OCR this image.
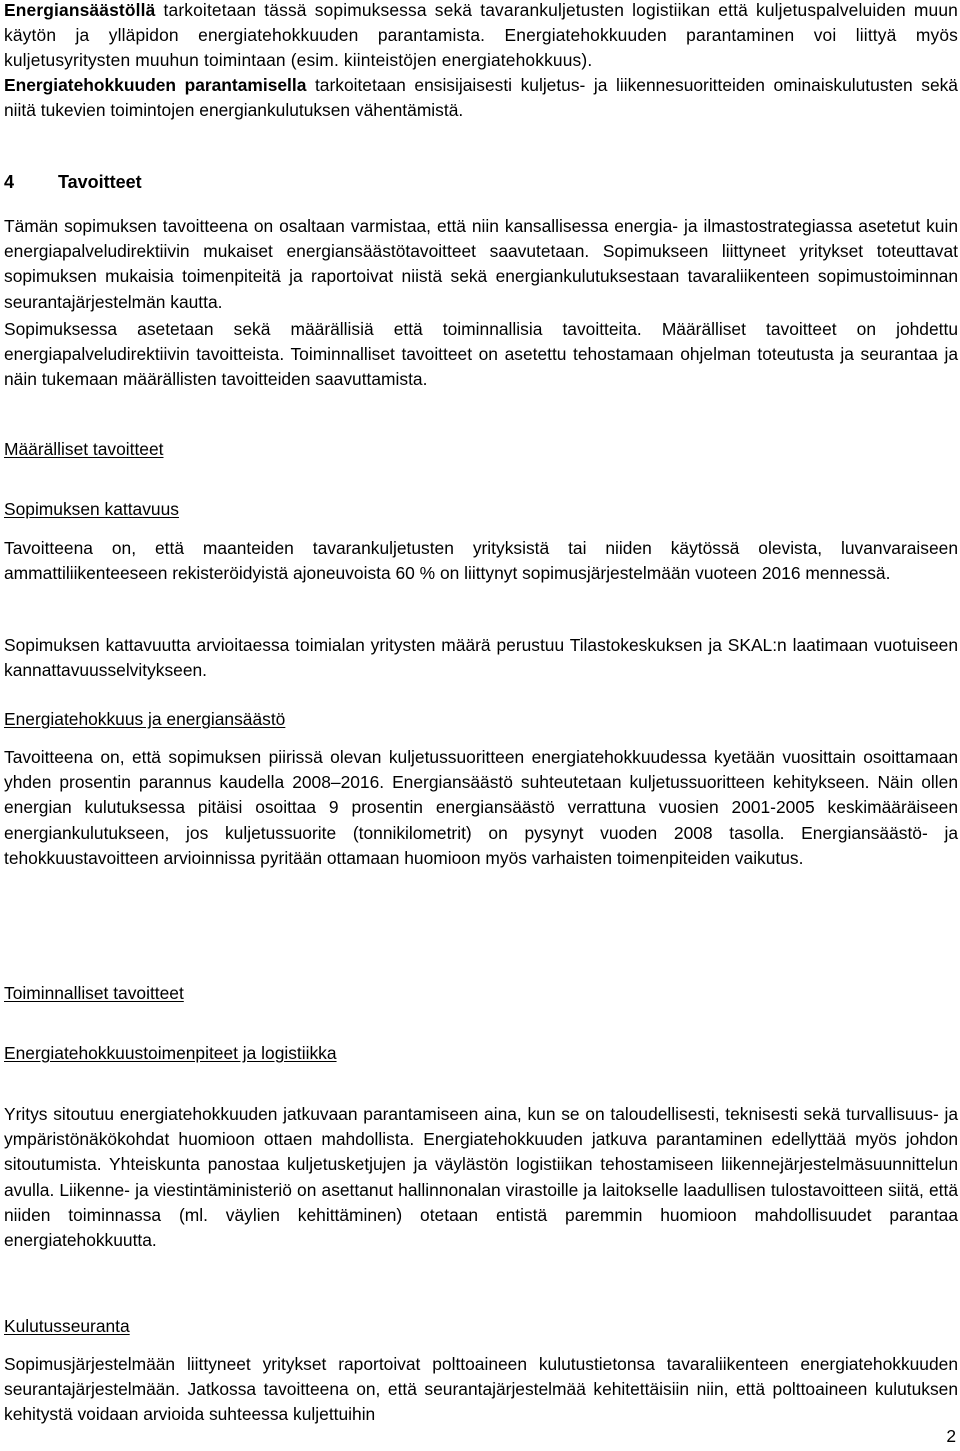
Energiansäästöllä tarkoitetaan tässä sopimuksessa sekä tavarankuljetusten logistiikan että kuljetuspalveluiden muun käytön ja ylläpidon energiatehokkuuden parantamista. Energiatehokkuuden parantaminen voi liittyä myös kuljetusyritysten muuhun toimintaan (esim. kiinteistöjen energiatehokkuus).

Energiatehokkuuden parantamisella tarkoitetaan ensisijaisesti kuljetus- ja liikennesuoritteiden ominaiskulutusten sekä niitä tukevien toimintojen energiankulutuksen vähentämistä.

4 Tavoitteet

Tämän sopimuksen tavoitteena on osaltaan varmistaa, että niin kansallisessa energia- ja ilmastostrategiassa asetetut kuin energiapalveludirektiivin mukaiset energiansäästötavoitteet saavutetaan. Sopimukseen liittyneet yritykset toteuttavat sopimuksen mukaisia toimenpiteitä ja raportoivat niistä sekä energiankulutuksestaan tavaraliikenteen sopimustoiminnan seurantajärjestelmän kautta.

Sopimuksessa asetetaan sekä määrällisiä että toiminnallisia tavoitteita. Määrälliset tavoitteet on johdettu energiapalveludirektiivin tavoitteista. Toiminnalliset tavoitteet on asetettu tehostamaan ohjelman toteutusta ja seurantaa ja näin tukemaan määrällisten tavoitteiden saavuttamista.

Määrälliset tavoitteet

Sopimuksen kattavuus

Tavoitteena on, että maanteiden tavarankuljetusten yrityksistä tai niiden käytössä olevista, luvanvaraiseen ammattiliikenteeseen rekisteröidyistä ajoneuvoista 60 % on liittynyt sopimusjärjestelmään vuoteen 2016 mennessä.

Sopimuksen kattavuutta arvioitaessa toimialan yritysten määrä perustuu Tilastokeskuksen ja SKAL:n laatimaan vuotuiseen kannattavuusselvitykseen.

Energiatehokkuus ja energiansäästö

Tavoitteena on, että sopimuksen piirissä olevan kuljetussuoritteen energiatehokkuudessa kyetään vuosittain osoittamaan yhden prosentin parannus kaudella 2008–2016. Energiansäästö suhteutetaan kuljetussuoritteen kehitykseen. Näin ollen energian kulutuksessa pitäisi osoittaa 9 prosentin energiansäästö verrattuna vuosien 2001-2005 keskimääräiseen energiankulutukseen, jos kuljetussuorite (tonnikilometrit) on pysynyt vuoden 2008 tasolla. Energiansäästö- ja tehokkuustavoitteen arvioinnissa pyritään ottamaan huomioon myös varhaisten toimenpiteiden vaikutus.

Toiminnalliset tavoitteet

Energiatehokkuustoimenpiteet ja logistiikka

Yritys sitoutuu energiatehokkuuden jatkuvaan parantamiseen aina, kun se on taloudellisesti, teknisesti sekä turvallisuus- ja ympäristönäkökohdat huomioon ottaen mahdollista. Energiatehokkuuden jatkuva parantaminen edellyttää myös johdon sitoutumista. Yhteiskunta panostaa kuljetusketjujen ja väylästön logistiikan tehostamiseen liikennejärjestelmäsuunnittelun avulla. Liikenne- ja viestintäministeriö on asettanut hallinnonalan virastoille ja laitokselle laadullisen tulostavoitteen siitä, että niiden toiminnassa (ml. väylien kehittäminen) otetaan entistä paremmin huomioon mahdollisuudet parantaa energiatehokkuutta.

Kulutusseuranta

Sopimusjärjestelmään liittyneet yritykset raportoivat polttoaineen kulutustietonsa tavaraliikenteen energiatehokkuuden seurantajärjestelmään. Jatkossa tavoitteena on, että seurantajärjestelmää kehitettäisiin niin, että polttoaineen kulutuksen kehitystä voidaan arvioida suhteessa kuljettuihin

2
